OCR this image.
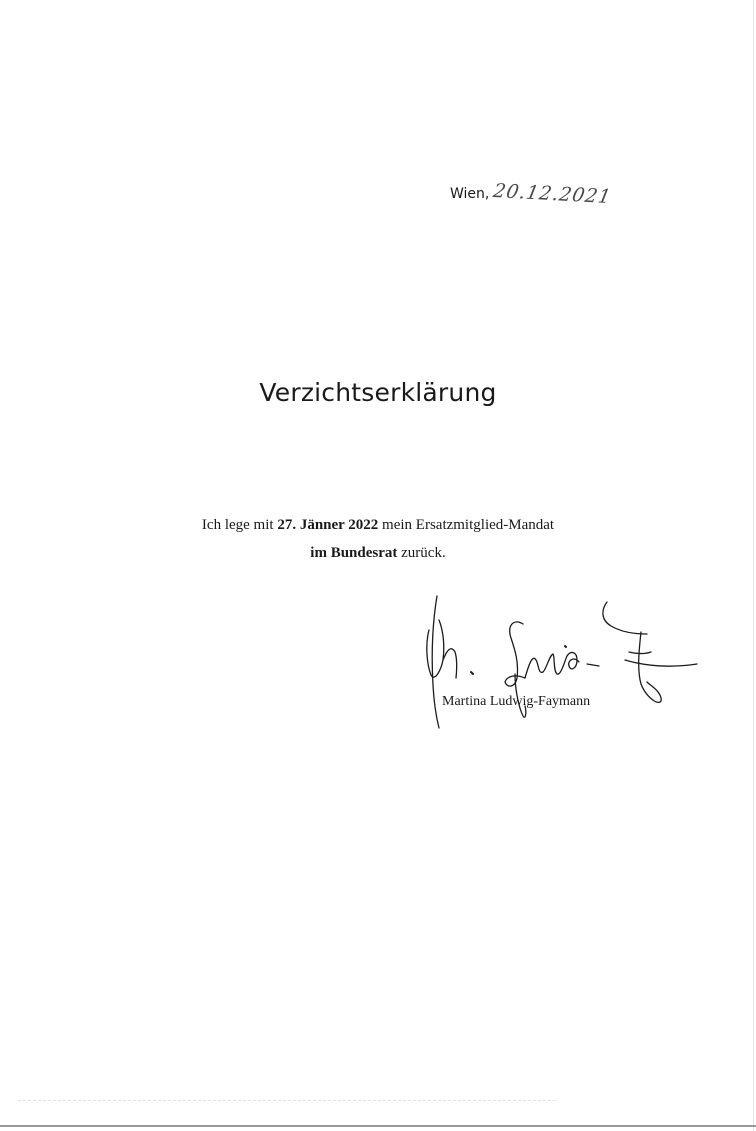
Wien, 20.12.2021
Verzichtserklärung
Ich lege mit 27. Jänner 2022 mein Ersatzmitglied-Mandat
im Bundesrat zurück.
Martina Ludwig-Faymann
